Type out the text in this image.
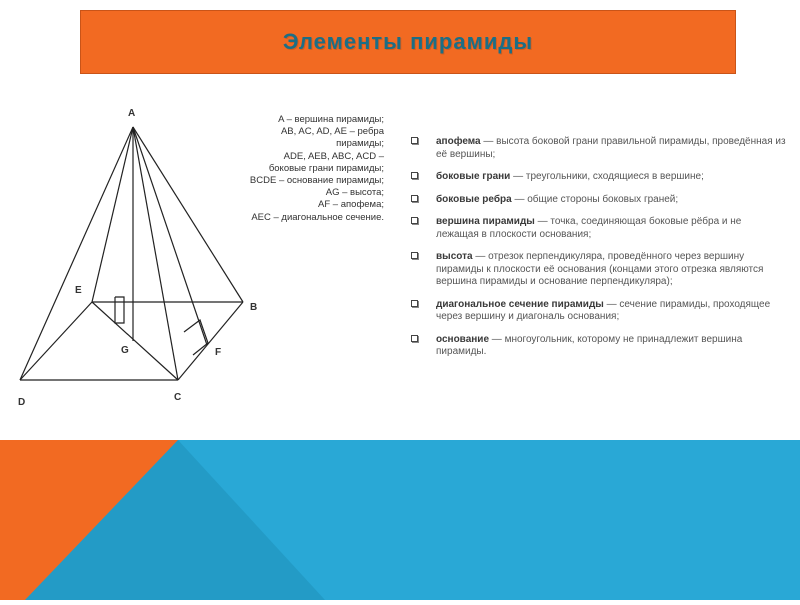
Элементы пирамиды
A
B
C
D
E
F
G
A – вершина пирамиды;
AB, AC, AD, AE – ребра
пирамиды;
ADE, AEB, ABC, ACD –
боковые грани пирамиды;
BCDE – основание пирамиды;
AG – высота;
AF – апофема;
AEC – диагональное сечение.
апофема — высота боковой грани правильной пирамиды, проведённая из её вершины;
боковые грани — треугольники, сходящиеся в вершине;
боковые ребра — общие стороны боковых граней;
вершина пирамиды — точка, соединяющая боковые рёбра и не лежащая в плоскости основания;
высота — отрезок перпендикуляра, проведённого через вершину пирамиды к плоскости её основания (концами этого отрезка являются вершина пирамиды и основание перпендикуляра);
диагональное сечение пирамиды — сечение пирамиды, проходящее через вершину и диагональ основания;
основание — многоугольник, которому не принадлежит вершина пирамиды.
